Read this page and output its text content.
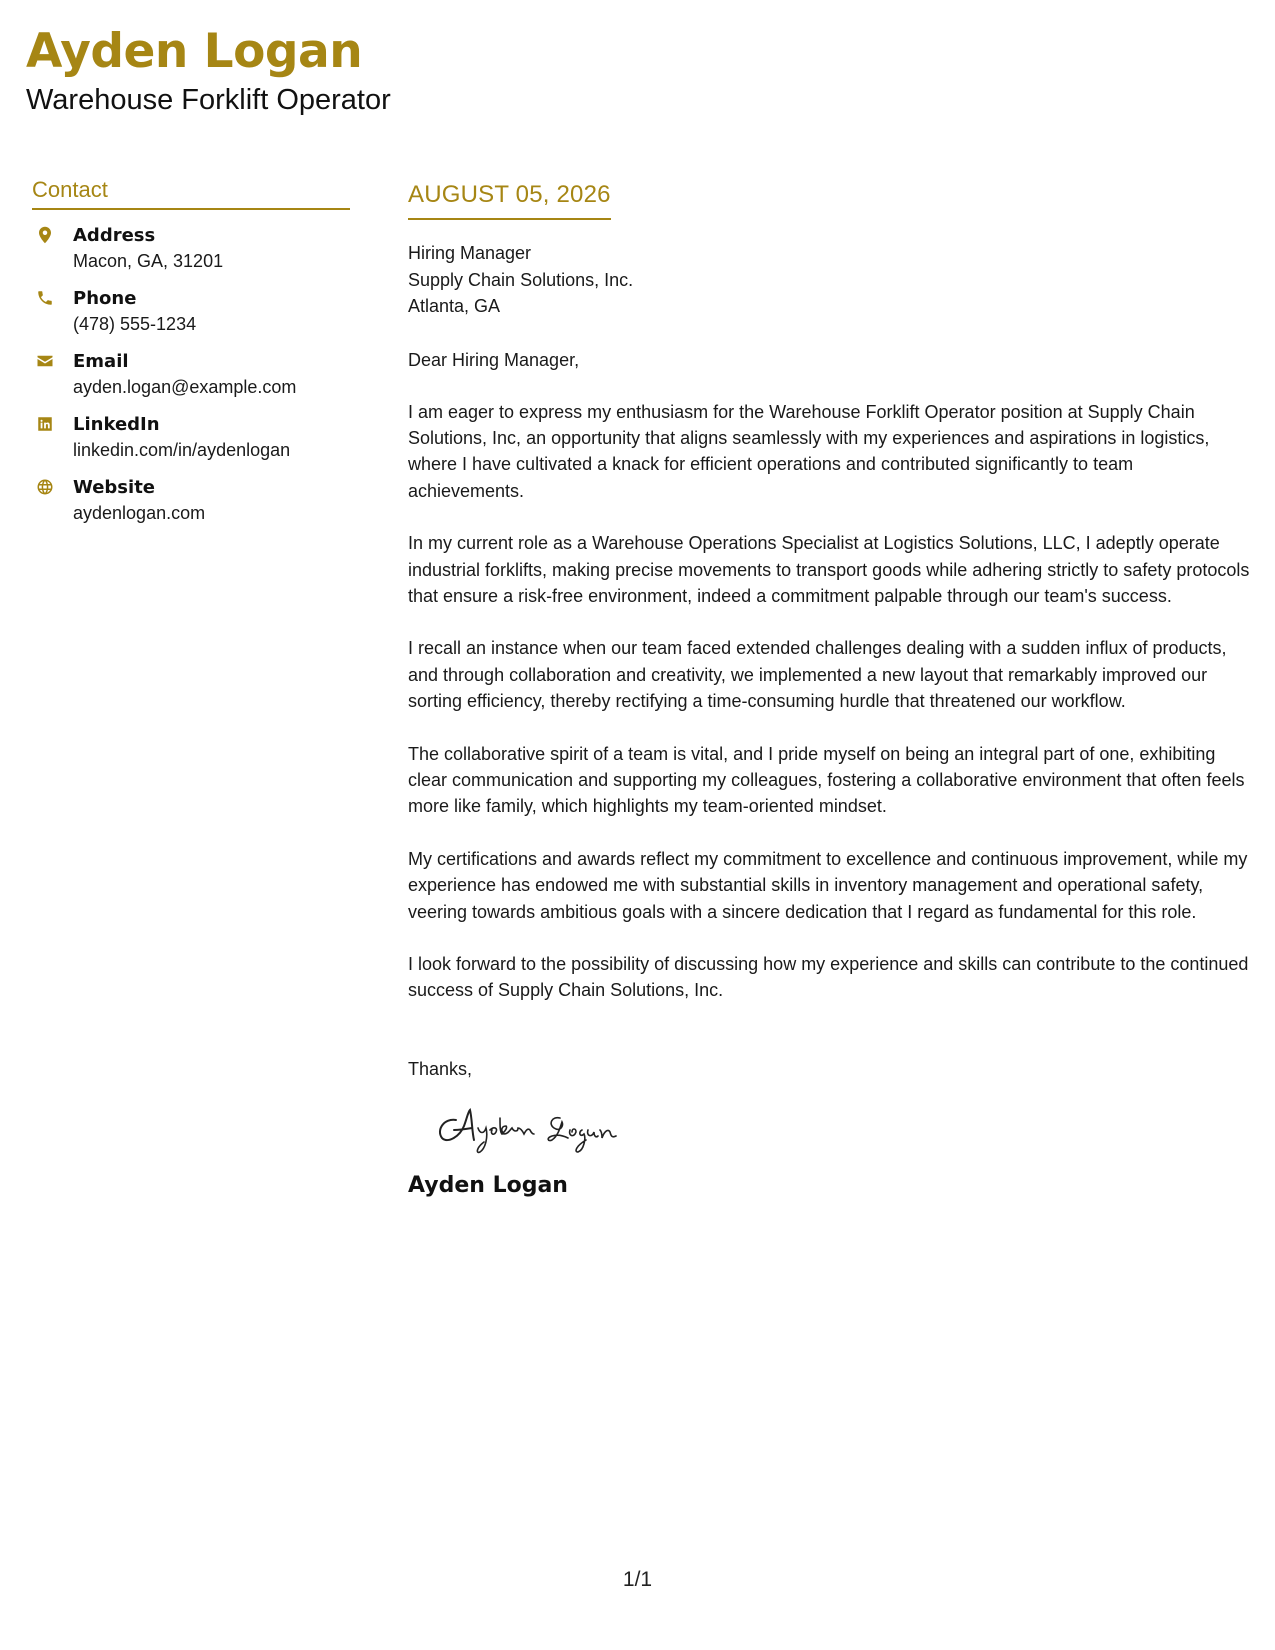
Ayden Logan

Warehouse Forklift Operator

Contact
Address
Macon, GA, 31201
Phone
(478) 555-1234
Email
ayden.logan@example.com
LinkedIn
linkedin.com/in/aydenlogan
Website
aydenlogan.com
AUGUST 05, 2026
Hiring Manager
Supply Chain Solutions, Inc.
Atlanta, GA
Dear Hiring Manager,
I am eager to express my enthusiasm for the Warehouse Forklift Operator position at Supply Chain Solutions, Inc, an opportunity that aligns seamlessly with my experiences and aspirations in logistics, where I have cultivated a knack for efficient operations and contributed significantly to team achievements.
In my current role as a Warehouse Operations Specialist at Logistics Solutions, LLC, I adeptly operate industrial forklifts, making precise movements to transport goods while adhering strictly to safety protocols that ensure a risk-free environment, indeed a commitment palpable through our team's success.
I recall an instance when our team faced extended challenges dealing with a sudden influx of products, and through collaboration and creativity, we implemented a new layout that remarkably improved our sorting efficiency, thereby rectifying a time-consuming hurdle that threatened our workflow.
The collaborative spirit of a team is vital, and I pride myself on being an integral part of one, exhibiting clear communication and supporting my colleagues, fostering a collaborative environment that often feels more like family, which highlights my team-oriented mindset.
My certifications and awards reflect my commitment to excellence and continuous improvement, while my experience has endowed me with substantial skills in inventory management and operational safety, veering towards ambitious goals with a sincere dedication that I regard as fundamental for this role.
I look forward to the possibility of discussing how my experience and skills can contribute to the continued success of Supply Chain Solutions, Inc.
Thanks,
Ayden Logan
1/1
